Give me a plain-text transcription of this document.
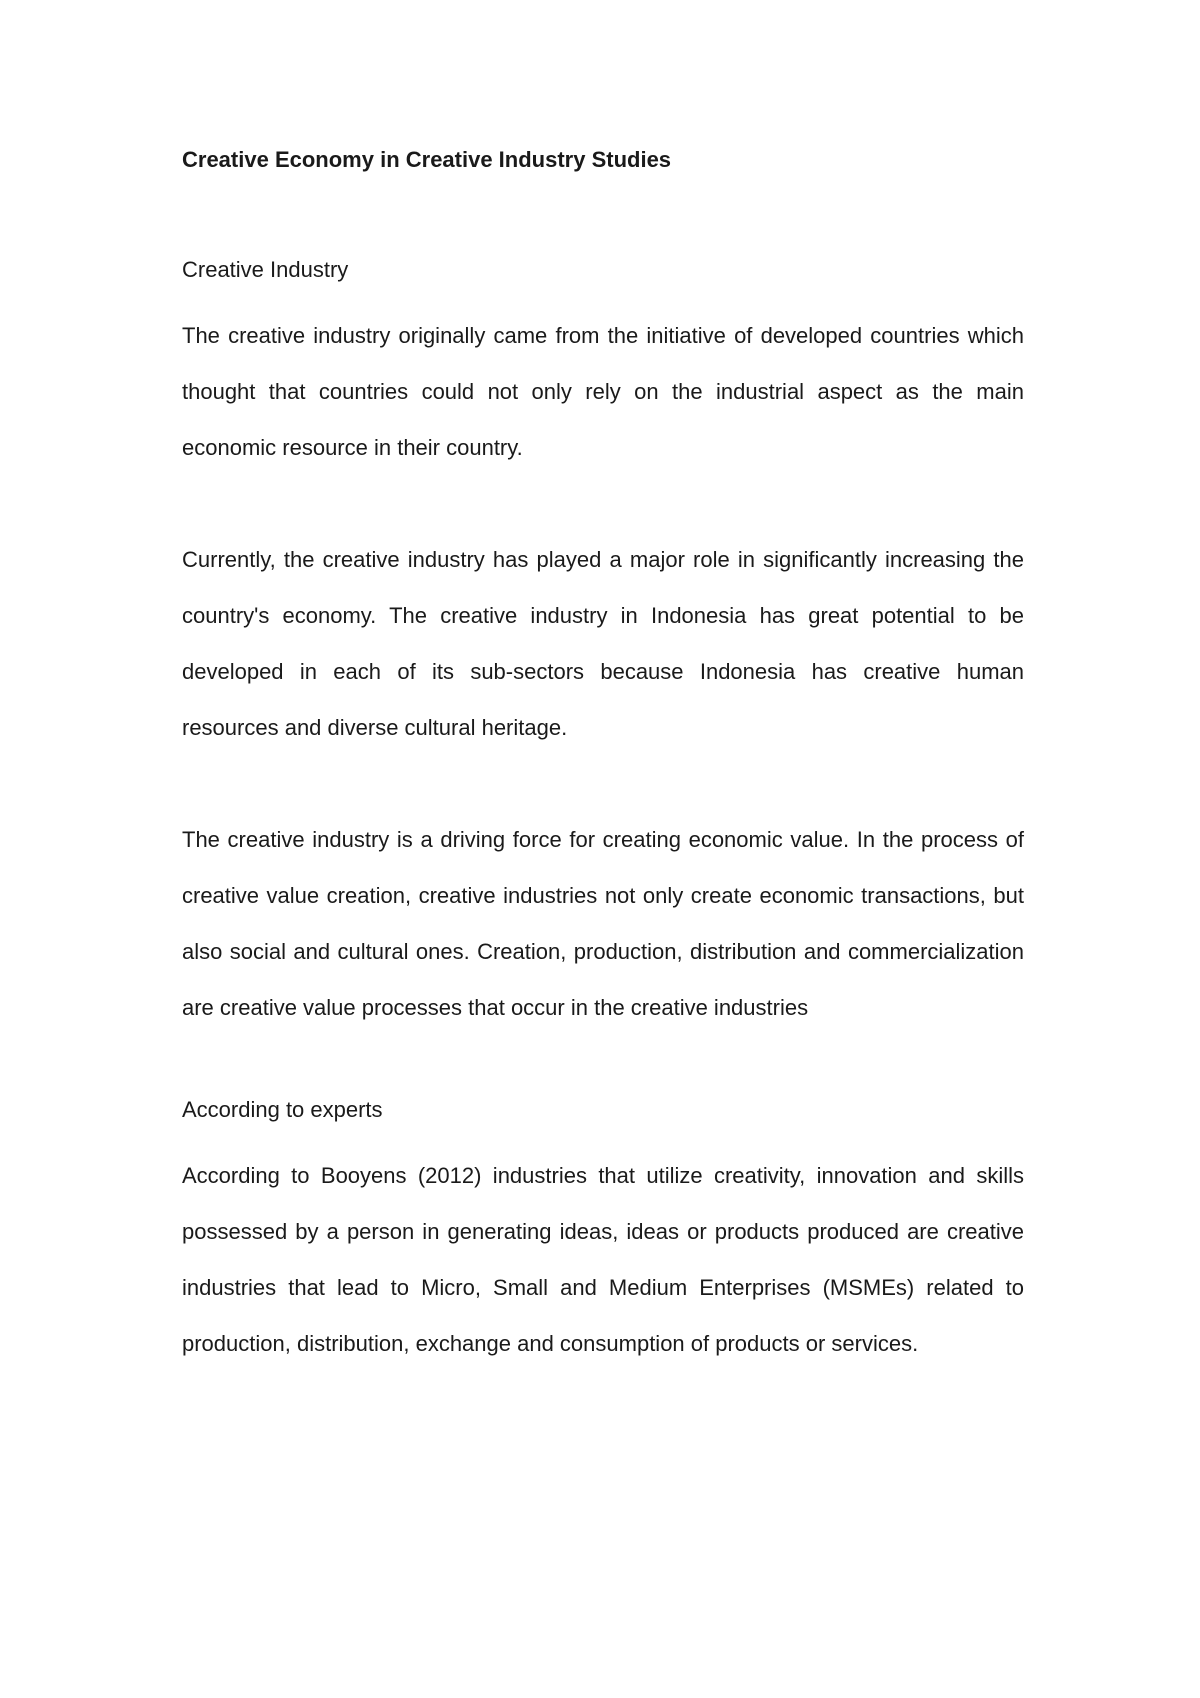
Creative Economy in Creative Industry Studies
Creative Industry

The creative industry originally came from the initiative of developed countries which thought that countries could not only rely on the industrial aspect as the main economic resource in their country.

Currently, the creative industry has played a major role in significantly increasing the country's economy. The creative industry in Indonesia has great potential to be developed in each of its sub-sectors because Indonesia has creative human resources and diverse cultural heritage.

The creative industry is a driving force for creating economic value. In the process of creative value creation, creative industries not only create economic transactions, but also social and cultural ones. Creation, production, distribution and commercialization are creative value processes that occur in the creative industries

According to experts

According to Booyens (2012) industries that utilize creativity, innovation and skills possessed by a person in generating ideas, ideas or products produced are creative industries that lead to Micro, Small and Medium Enterprises (MSMEs) related to production, distribution, exchange and consumption of products or services.
